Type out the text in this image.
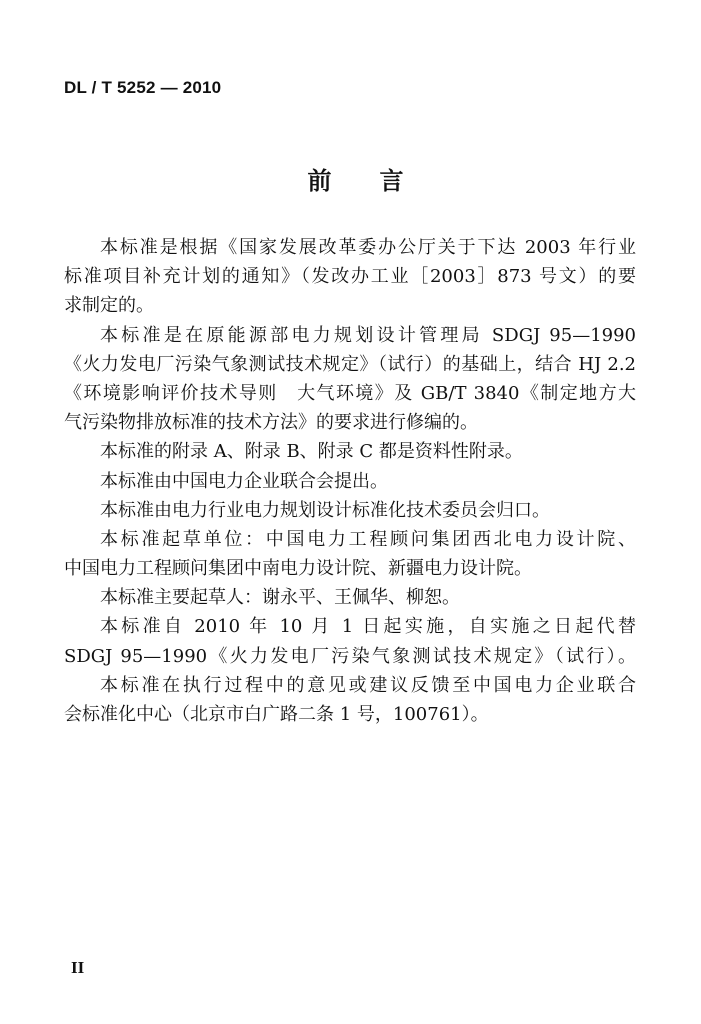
DL / T 5252 — 2010
前言
本标准是根据《国家发展改革委办公厅关于下达 2003 年行业
标准项目补充计划的通知》（发改办工业［2003］873 号文）的要
求制定的。
本标准是在原能源部电力规划设计管理局 SDGJ 95—1990
《火力发电厂污染气象测试技术规定》（试行）的基础上，结合 HJ 2.2
《环境影响评价技术导则　大气环境》及 GB/T 3840《制定地方大
气污染物排放标准的技术方法》的要求进行修编的。
本标准的附录 A、附录 B、附录 C 都是资料性附录。
本标准由中国电力企业联合会提出。
本标准由电力行业电力规划设计标准化技术委员会归口。
本标准起草单位：中国电力工程顾问集团西北电力设计院、
中国电力工程顾问集团中南电力设计院、新疆电力设计院。
本标准主要起草人：谢永平、王佩华、柳恕。
本标准自 2010 年 10 月 1 日起实施，自实施之日起代替
SDGJ 95—1990《火力发电厂污染气象测试技术规定》（试行）。
本标准在执行过程中的意见或建议反馈至中国电力企业联合
会标准化中心（北京市白广路二条 1 号，100761）。
II
